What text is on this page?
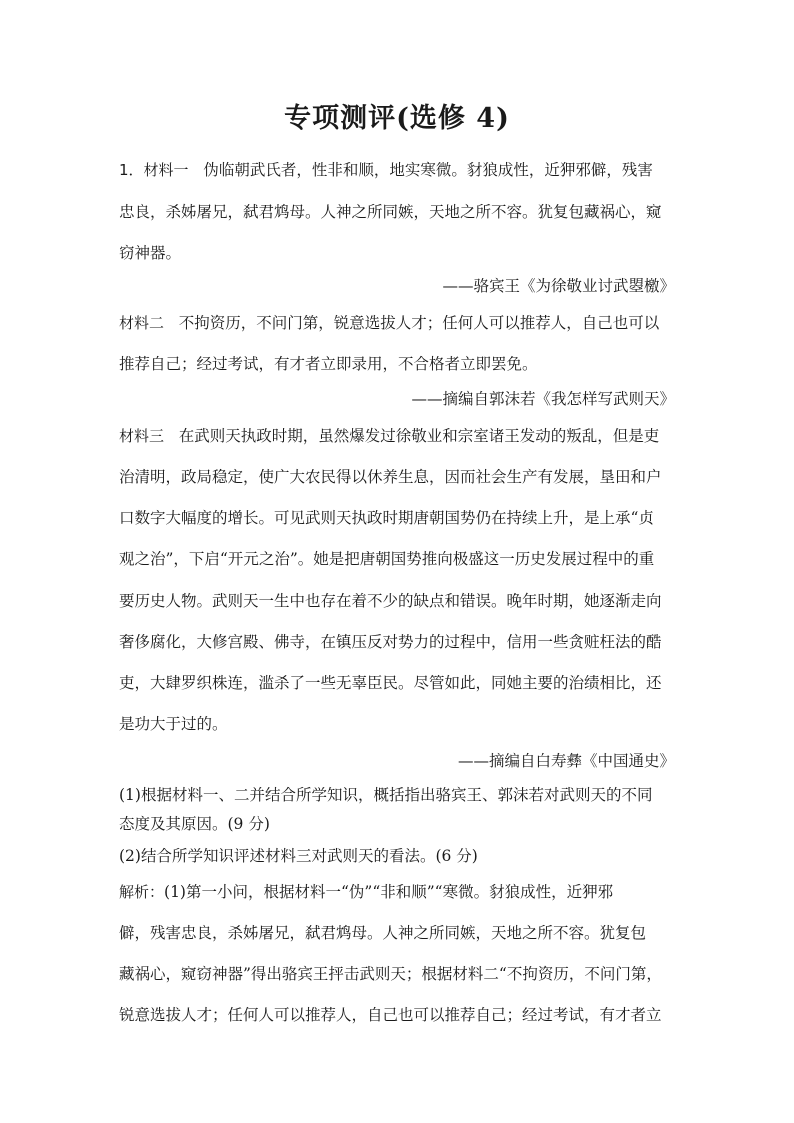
专项测评(选修 4)
1．材料一 伪临朝武氏者，性非和顺，地实寒微。豺狼成性，近狎邪僻，残害
忠良，杀姊屠兄，弑君鸩母。人神之所同嫉，天地之所不容。犹复包藏祸心，窥
窃神器。
——骆宾王《为徐敬业讨武曌檄》
材料二 不拘资历，不问门第，锐意选拔人才；任何人可以推荐人，自己也可以
推荐自己；经过考试，有才者立即录用，不合格者立即罢免。
——摘编自郭沫若《我怎样写武则天》
材料三 在武则天执政时期，虽然爆发过徐敬业和宗室诸王发动的叛乱，但是吏
治清明，政局稳定，使广大农民得以休养生息，因而社会生产有发展，垦田和户
口数字大幅度的增长。可见武则天执政时期唐朝国势仍在持续上升，是上承“贞
观之治”，下启“开元之治”。她是把唐朝国势推向极盛这一历史发展过程中的重
要历史人物。武则天一生中也存在着不少的缺点和错误。晚年时期，她逐渐走向
奢侈腐化，大修宫殿、佛寺，在镇压反对势力的过程中，信用一些贪赃枉法的酷
吏，大肆罗织株连，滥杀了一些无辜臣民。尽管如此，同她主要的治绩相比，还
是功大于过的。
——摘编自白寿彝《中国通史》
(1)根据材料一、二并结合所学知识，概括指出骆宾王、郭沫若对武则天的不同
态度及其原因。(9 分)
(2)结合所学知识评述材料三对武则天的看法。(6 分)
解析：(1)第一小问，根据材料一“伪”“非和顺”“寒微。豺狼成性，近狎邪
僻，残害忠良，杀姊屠兄，弑君鸩母。人神之所同嫉，天地之所不容。犹复包
藏祸心，窥窃神器”得出骆宾王抨击武则天；根据材料二“不拘资历，不问门第，
锐意选拔人才；任何人可以推荐人，自己也可以推荐自己；经过考试，有才者立
